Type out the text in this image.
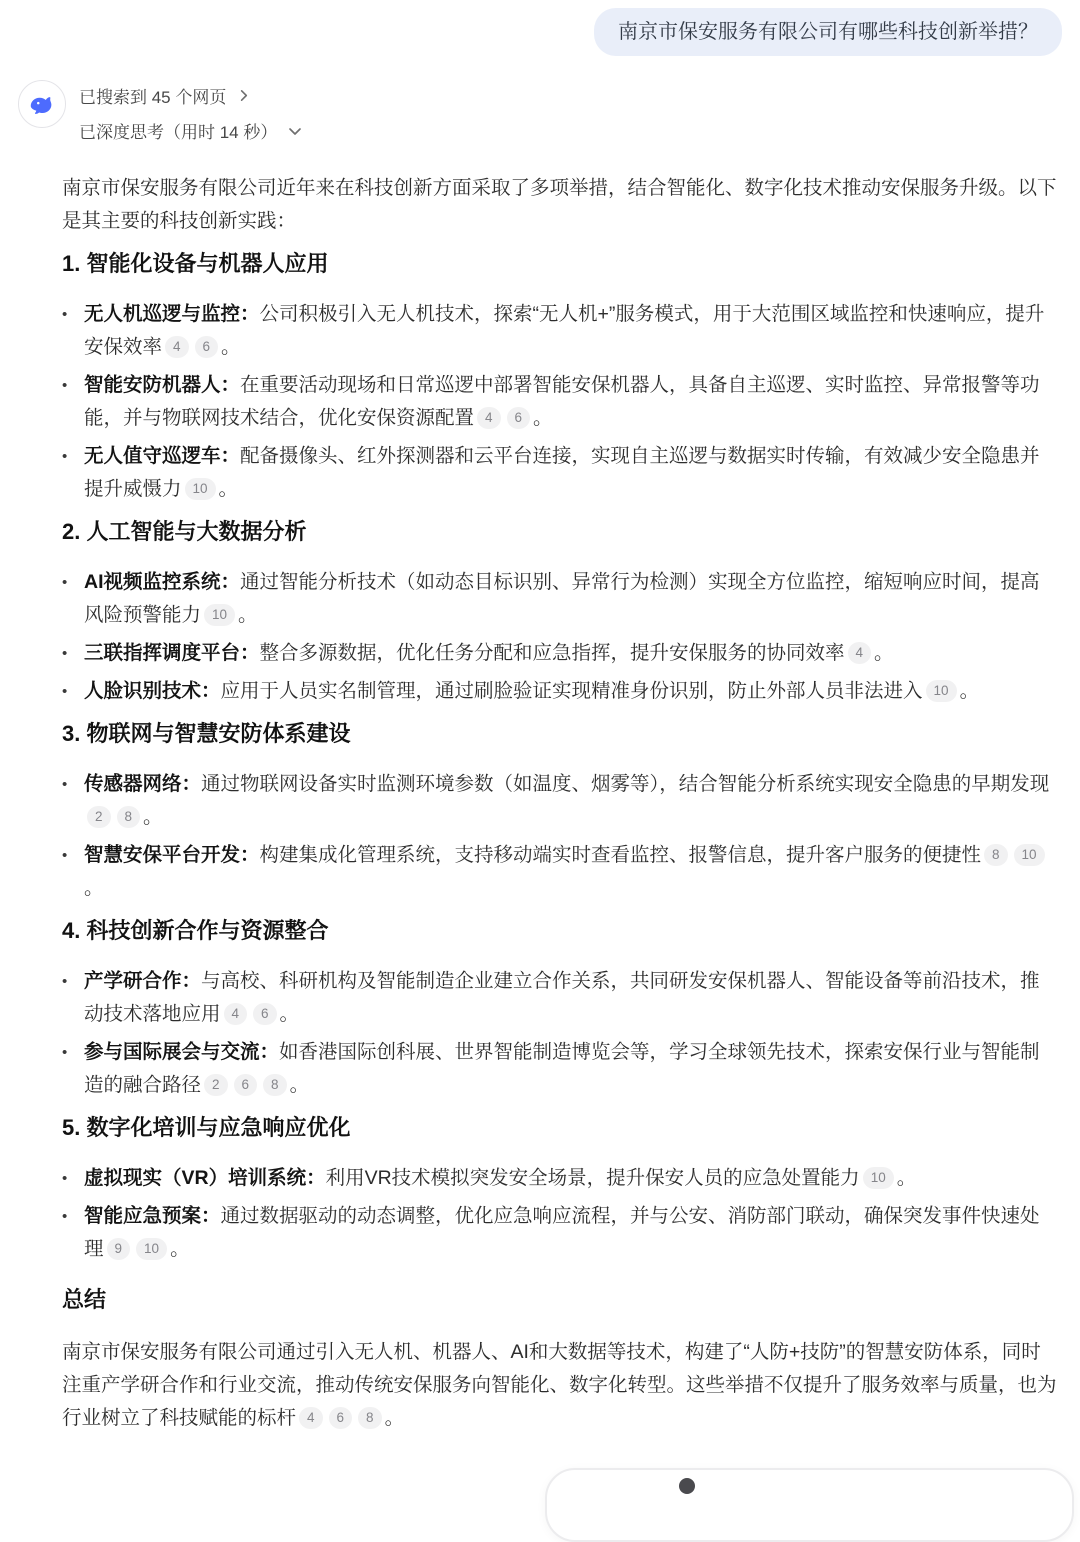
南京市保安服务有限公司有哪些科技创新举措？
已搜索到 45 个网页
已深度思考（用时 14 秒）

南京市保安服务有限公司近年来在科技创新方面采取了多项举措，结合智能化、数字化技术推动安保服务升级。以下是其主要的科技创新实践：

1. 智能化设备与机器人应用
• 无人机巡逻与监控：公司积极引入无人机技术，探索“无人机+”服务模式，用于大范围区域监控和快速响应，提升安保效率 4 6 。
• 智能安防机器人：在重要活动现场和日常巡逻中部署智能安保机器人，具备自主巡逻、实时监控、异常报警等功能，并与物联网技术结合，优化安保资源配置 4 6 。
• 无人值守巡逻车：配备摄像头、红外探测器和云平台连接，实现自主巡逻与数据实时传输，有效减少安全隐患并提升威慑力 10 。
2. 人工智能与大数据分析
• AI视频监控系统：通过智能分析技术（如动态目标识别、异常行为检测）实现全方位监控，缩短响应时间，提高风险预警能力 10 。
• 三联指挥调度平台：整合多源数据，优化任务分配和应急指挥，提升安保服务的协同效率 4 。
• 人脸识别技术：应用于人员实名制管理，通过刷脸验证实现精准身份识别，防止外部人员非法进入 10 。
3. 物联网与智慧安防体系建设
• 传感器网络：通过物联网设备实时监测环境参数（如温度、烟雾等），结合智能分析系统实现安全隐患的早期发现2 8 。
• 智慧安保平台开发：构建集成化管理系统，支持移动端实时查看监控、报警信息，提升客户服务的便捷性 8 10。
4. 科技创新合作与资源整合
• 产学研合作：与高校、科研机构及智能制造企业建立合作关系，共同研发安保机器人、智能设备等前沿技术，推动技术落地应用 4 6 。
• 参与国际展会与交流：如香港国际创科展、世界智能制造博览会等，学习全球领先技术，探索安保行业与智能制造的融合路径 2 6 8 。
5. 数字化培训与应急响应优化
• 虚拟现实（VR）培训系统：利用VR技术模拟突发安全场景，提升保安人员的应急处置能力 10 。
• 智能应急预案：通过数据驱动的动态调整，优化应急响应流程，并与公安、消防部门联动，确保突发事件快速处理 9 10 。
总结

南京市保安服务有限公司通过引入无人机、机器人、AI和大数据等技术，构建了“人防+技防”的智慧安防体系，同时注重产学研合作和行业交流，推动传统安保服务向智能化、数字化转型。这些举措不仅提升了服务效率与质量，也为行业树立了科技赋能的标杆 4 6 8 。
